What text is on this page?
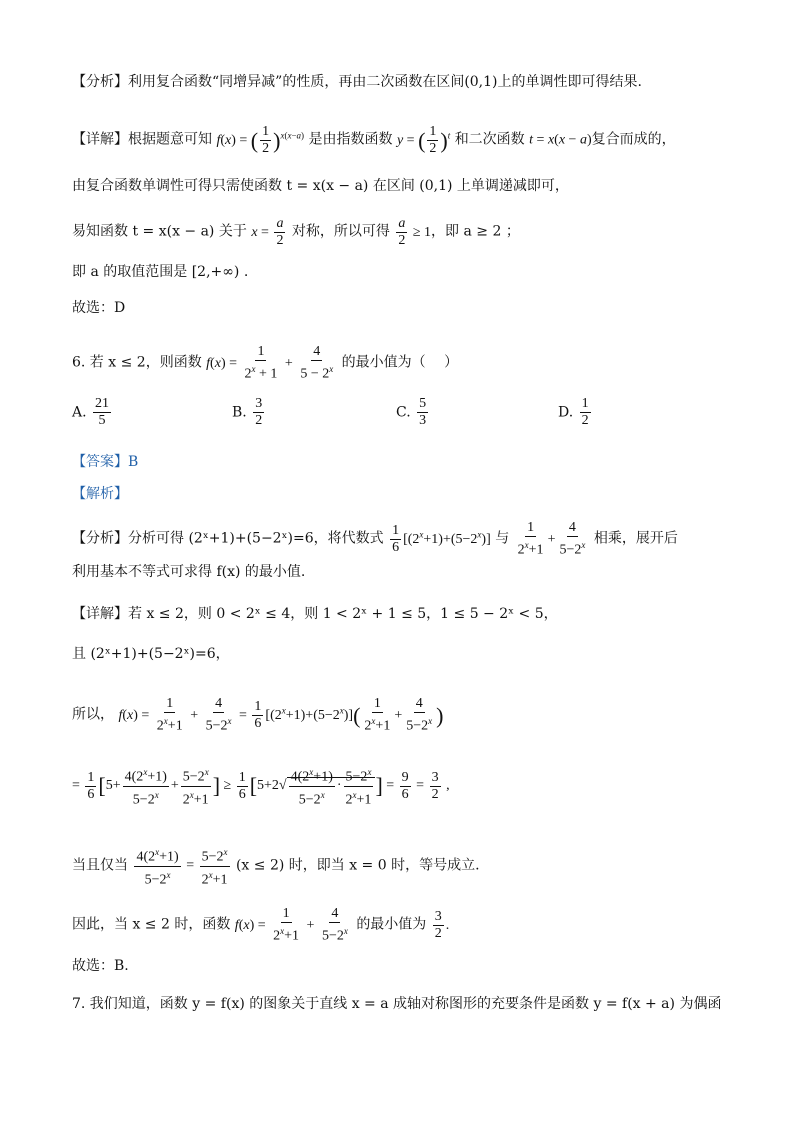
【分析】利用复合函数“同增异减”的性质，再由二次函数在区间(0,1)上的单调性即可得结果.
【详解】根据题意可知 f(x) = ( $\frac{1}{2} )^{x(x-a)}$ 是由指数函数 y = ( $\frac{1}{2} )^t$ 和二次函数 t = x(x − a)复合而成的，
由复合函数单调性可得只需使函数 t = x(x − a) 在区间 (0,1) 上单调递减即可，
易知函数 t = x(x − a) 关于 $x = \frac{a}{2}$ 对称，所以可得 $\frac{a}{2} \ge 1$，即 a ≥ 2 ；
即 a 的取值范围是 [2,+∞) .
故选：D
6. 若 x ≤ 2，则函数 $f(x) = \frac{1}{2^x + 1} + \frac{4}{5 - 2^x}$ 的最小值为（　 ）
A. $\frac{21}{5}$	B. $\frac{3}{2}$	C. $\frac{5}{3}$	D. $\frac{1}{2}$
【答案】B
【解析】
【分析】分析可得 (2ˣ+1)+(5−2ˣ)=6，将代数式 $\frac{1}{6} [(2^x+1)+(5-2^x)]$ 与 $\frac{1}{2^x+1} + \frac{4}{5-2^x}$ 相乘，展开后
利用基本不等式可求得 f(x) 的最小值.
【详解】若 x ≤ 2，则 0 < 2ˣ ≤ 4，则 1 < 2ˣ + 1 ≤ 5，1 ≤ 5 − 2ˣ < 5，
且 (2ˣ+1)+(5−2ˣ)=6，
所以， $f(x) = \frac{1}{2^x+1} + \frac{4}{5-2^x} = \frac{1}{6} [(2^x+1)+(5-2^x)]( \frac{1}{2^x+1} + \frac{4}{5-2^x}$ )
= $\frac{1}{6} [5+ \frac{4(2^x+1)}{5-2^x} + \frac{5-2^x}{2^x+1}$ ] ≥ $\frac{1}{6} [5+2√ \frac{4(2^x+1)}{5-2^x} \cdot \frac{5-2^x}{2^x+1}$ ] = $\frac{9}{6} = \frac{3}{2}$ ,
当且仅当 $\frac{4(2^x+1)}{5-2^x} = \frac{5-2^x}{2^x+1} (x \le 2)$ 时，即当 x = 0 时，等号成立.
因此，当 x ≤ 2 时，函数 $f(x) = \frac{1}{2^x+1} + \frac{4}{5-2^x}$ 的最小值为 $\frac{3}{2}$ .
故选：B.
7. 我们知道，函数 y = f(x) 的图象关于直线 x = a 成轴对称图形的充要条件是函数 y = f(x + a) 为偶函
